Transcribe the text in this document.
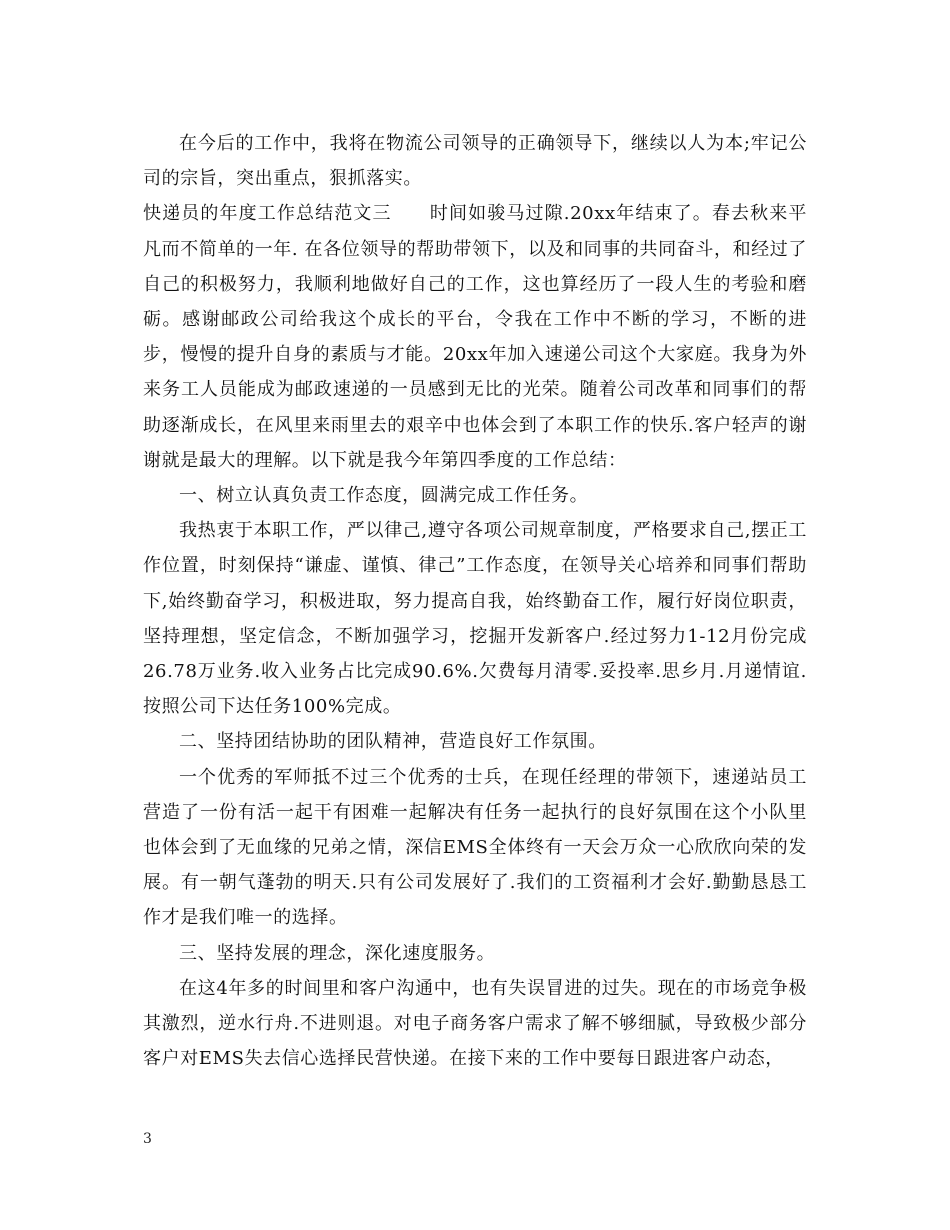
在今后的工作中，我将在物流公司领导的正确领导下，继续以人为本;牢记公司的宗旨，突出重点，狠抓落实。

快递员的年度工作总结范文三　　时间如骏马过隙.20xx年结束了。春去秋来平凡而不简单的一年. 在各位领导的帮助带领下，以及和同事的共同奋斗，和经过了自己的积极努力，我顺利地做好自己的工作，这也算经历了一段人生的考验和磨砺。感谢邮政公司给我这个成长的平台，令我在工作中不断的学习，不断的进步，慢慢的提升自身的素质与才能。20xx年加入速递公司这个大家庭。我身为外来务工人员能成为邮政速递的一员感到无比的光荣。随着公司改革和同事们的帮助逐渐成长，在风里来雨里去的艰辛中也体会到了本职工作的快乐.客户轻声的谢谢就是最大的理解。以下就是我今年第四季度的工作总结：

一、树立认真负责工作态度，圆满完成工作任务。

我热衷于本职工作，严以律己,遵守各项公司规章制度，严格要求自己,摆正工作位置，时刻保持“谦虚、谨慎、律己”工作态度，在领导关心培养和同事们帮助下,始终勤奋学习，积极进取，努力提高自我，始终勤奋工作，履行好岗位职责，坚持理想，坚定信念，不断加强学习，挖掘开发新客户.经过努力1-12月份完成26.78万业务.收入业务占比完成90.6%.欠费每月清零.妥投率.思乡月.月递情谊.按照公司下达任务100%完成。

二、坚持团结协助的团队精神，营造良好工作氛围。

一个优秀的军师抵不过三个优秀的士兵，在现任经理的带领下，速递站员工营造了一份有活一起干有困难一起解决有任务一起执行的良好氛围在这个小队里也体会到了无血缘的兄弟之情，深信EMS全体终有一天会万众一心欣欣向荣的发展。有一朝气蓬勃的明天.只有公司发展好了.我们的工资福利才会好.勤勤恳恳工作才是我们唯一的选择。

三、坚持发展的理念，深化速度服务。

在这4年多的时间里和客户沟通中，也有失误冒进的过失。现在的市场竞争极其激烈，逆水行舟.不进则退。对电子商务客户需求了解不够细腻，导致极少部分客户对EMS失去信心选择民营快递。在接下来的工作中要每日跟进客户动态，

3
